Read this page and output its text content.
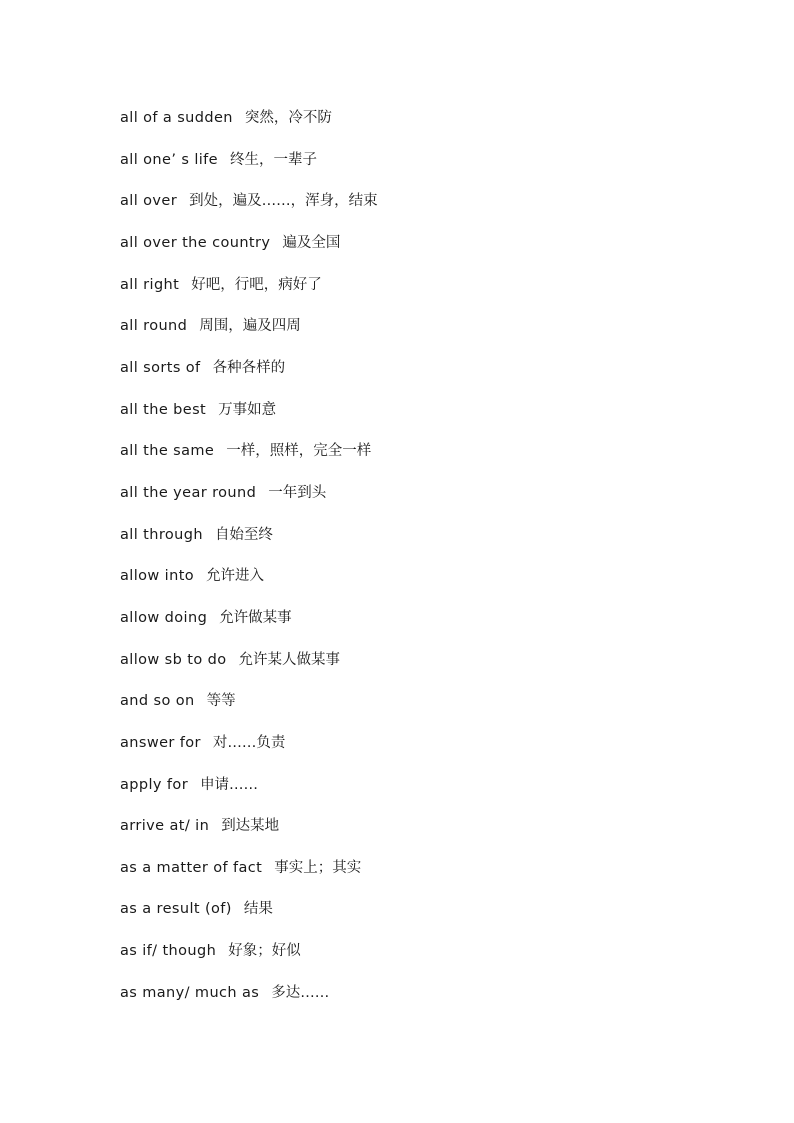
all of a sudden 突然，冷不防
all one’ s life 终生，一辈子
all over 到处，遍及……，浑身，结束
all over the country 遍及全国
all right 好吧，行吧，病好了
all round 周围，遍及四周
all sorts of 各种各样的
all the best 万事如意
all the same 一样，照样，完全一样
all the year round 一年到头
all through 自始至终
allow into 允许进入
allow doing 允许做某事
allow sb to do 允许某人做某事
and so on 等等
answer for 对……负责
apply for 申请……
arrive at/ in 到达某地
as a matter of fact 事实上；其实
as a result (of) 结果
as if/ though 好象；好似
as many/ much as 多达……
